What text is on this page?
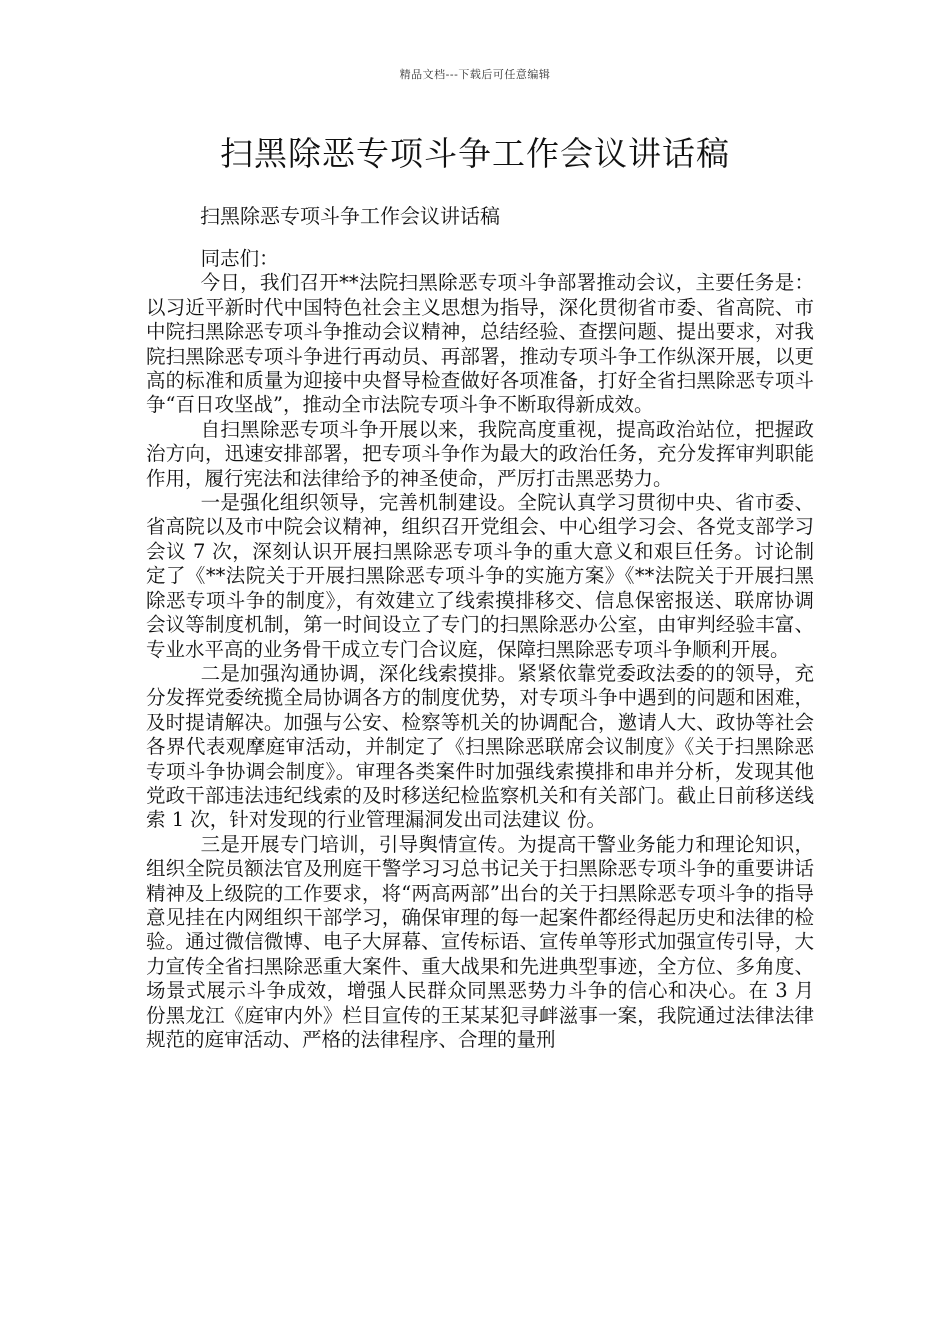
精品文档---下载后可任意编辑
扫黑除恶专项斗争工作会议讲话稿
扫黑除恶专项斗争工作会议讲话稿

同志们：

今日，我们召开**法院扫黑除恶专项斗争部署推动会议，主要任务是：以习近平新时代中国特色社会主义思想为指导，深化贯彻省市委、省高院、市中院扫黑除恶专项斗争推动会议精神，总结经验、查摆问题、提出要求，对我院扫黑除恶专项斗争进行再动员、再部署，推动专项斗争工作纵深开展，以更高的标准和质量为迎接中央督导检查做好各项准备，打好全省扫黑除恶专项斗争“百日攻坚战”，推动全市法院专项斗争不断取得新成效。

自扫黑除恶专项斗争开展以来，我院高度重视，提高政治站位，把握政治方向，迅速安排部署，把专项斗争作为最大的政治任务，充分发挥审判职能作用，履行宪法和法律给予的神圣使命，严厉打击黑恶势力。

一是强化组织领导，完善机制建设。全院认真学习贯彻中央、省市委、省高院以及市中院会议精神，组织召开党组会、中心组学习会、各党支部学习会议 7 次，深刻认识开展扫黑除恶专项斗争的重大意义和艰巨任务。讨论制定了《**法院关于开展扫黑除恶专项斗争的实施方案》《**法院关于开展扫黑除恶专项斗争的制度》，有效建立了线索摸排移交、信息保密报送、联席协调会议等制度机制，第一时间设立了专门的扫黑除恶办公室，由审判经验丰富、专业水平高的业务骨干成立专门合议庭，保障扫黑除恶专项斗争顺利开展。

二是加强沟通协调，深化线索摸排。紧紧依靠党委政法委的的领导，充分发挥党委统揽全局协调各方的制度优势，对专项斗争中遇到的问题和困难，及时提请解决。加强与公安、检察等机关的协调配合，邀请人大、政协等社会各界代表观摩庭审活动，并制定了《扫黑除恶联席会议制度》《关于扫黑除恶专项斗争协调会制度》。审理各类案件时加强线索摸排和串并分析，发现其他党政干部违法违纪线索的及时移送纪检监察机关和有关部门。截止日前移送线索 1 次，针对发现的行业管理漏洞发出司法建议 份。

三是开展专门培训，引导舆情宣传。为提高干警业务能力和理论知识，组织全院员额法官及刑庭干警学习习总书记关于扫黑除恶专项斗争的重要讲话精神及上级院的工作要求，将“两高两部”出台的关于扫黑除恶专项斗争的指导意见挂在内网组织干部学习，确保审理的每一起案件都经得起历史和法律的检验。通过微信微博、电子大屏幕、宣传标语、宣传单等形式加强宣传引导，大力宣传全省扫黑除恶重大案件、重大战果和先进典型事迹，全方位、多角度、场景式展示斗争成效，增强人民群众同黑恶势力斗争的信心和决心。在 3 月份黑龙江《庭审内外》栏目宣传的王某某犯寻衅滋事一案，我院通过法律法律规范的庭审活动、严格的法律程序、合理的量刑
